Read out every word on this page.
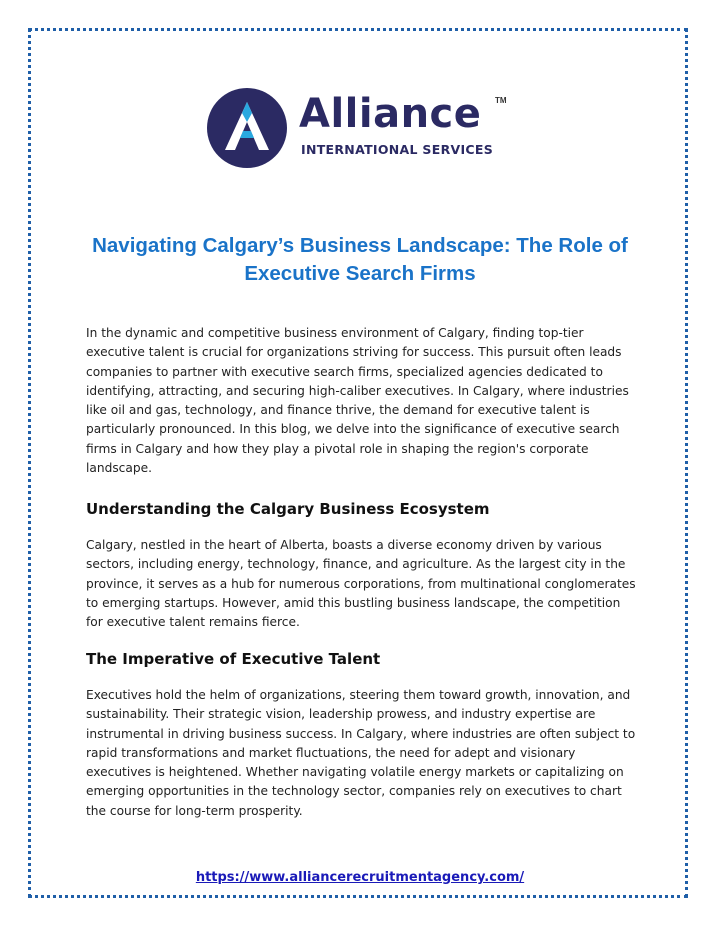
Alliance TM
INTERNATIONAL SERVICES
Navigating Calgary’s Business Landscape: The Role of Executive Search Firms

In the dynamic and competitive business environment of Calgary, finding top-tier executive talent is crucial for organizations striving for success. This pursuit often leads companies to partner with executive search firms, specialized agencies dedicated to identifying, attracting, and securing high-caliber executives. In Calgary, where industries like oil and gas, technology, and finance thrive, the demand for executive talent is particularly pronounced. In this blog, we delve into the significance of executive search firms in Calgary and how they play a pivotal role in shaping the region's corporate landscape.

Understanding the Calgary Business Ecosystem

Calgary, nestled in the heart of Alberta, boasts a diverse economy driven by various sectors, including energy, technology, finance, and agriculture. As the largest city in the province, it serves as a hub for numerous corporations, from multinational conglomerates to emerging startups. However, amid this bustling business landscape, the competition for executive talent remains fierce.

The Imperative of Executive Talent

Executives hold the helm of organizations, steering them toward growth, innovation, and sustainability. Their strategic vision, leadership prowess, and industry expertise are instrumental in driving business success. In Calgary, where industries are often subject to rapid transformations and market fluctuations, the need for adept and visionary executives is heightened. Whether navigating volatile energy markets or capitalizing on emerging opportunities in the technology sector, companies rely on executives to chart the course for long-term prosperity.

https://www.alliancerecruitmentagency.com/
